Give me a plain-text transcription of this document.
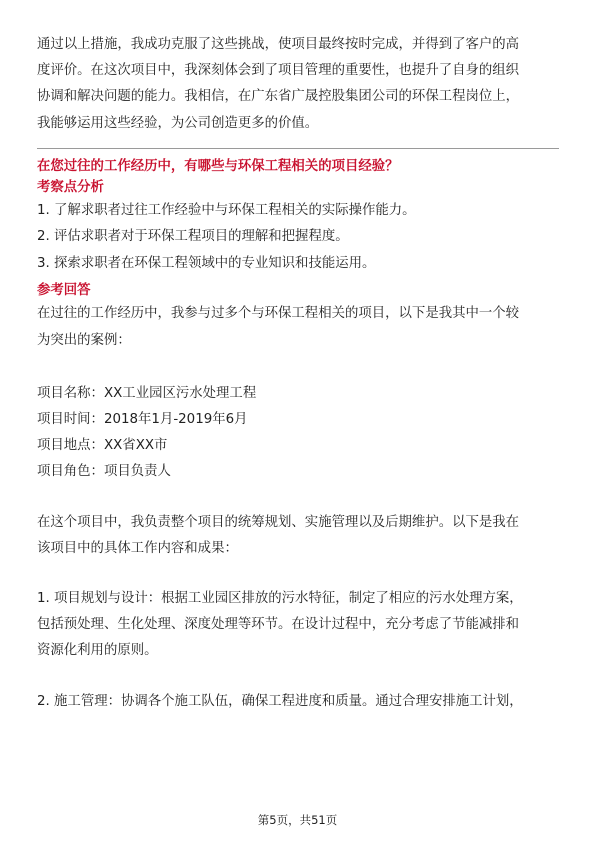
通过以上措施，我成功克服了这些挑战，使项目最终按时完成，并得到了客户的高

度评价。在这次项目中，我深刻体会到了项目管理的重要性，也提升了自身的组织

协调和解决问题的能力。我相信，在广东省广晟控股集团公司的环保工程岗位上，

我能够运用这些经验，为公司创造更多的价值。

在您过往的工作经历中，有哪些与环保工程相关的项目经验？

考察点分析

1. 了解求职者过往工作经验中与环保工程相关的实际操作能力。

2. 评估求职者对于环保工程项目的理解和把握程度。

3. 探索求职者在环保工程领域中的专业知识和技能运用。

参考回答

在过往的工作经历中，我参与过多个与环保工程相关的项目，以下是我其中一个较

为突出的案例：

项目名称：XX工业园区污水处理工程

项目时间：2018年1月-2019年6月

项目地点：XX省XX市

项目角色：项目负责人

在这个项目中，我负责整个项目的统筹规划、实施管理以及后期维护。以下是我在

该项目中的具体工作内容和成果：

1. 项目规划与设计：根据工业园区排放的污水特征，制定了相应的污水处理方案，

包括预处理、生化处理、深度处理等环节。在设计过程中，充分考虑了节能减排和

资源化利用的原则。

2. 施工管理：协调各个施工队伍，确保工程进度和质量。通过合理安排施工计划，

第5页，共51页
